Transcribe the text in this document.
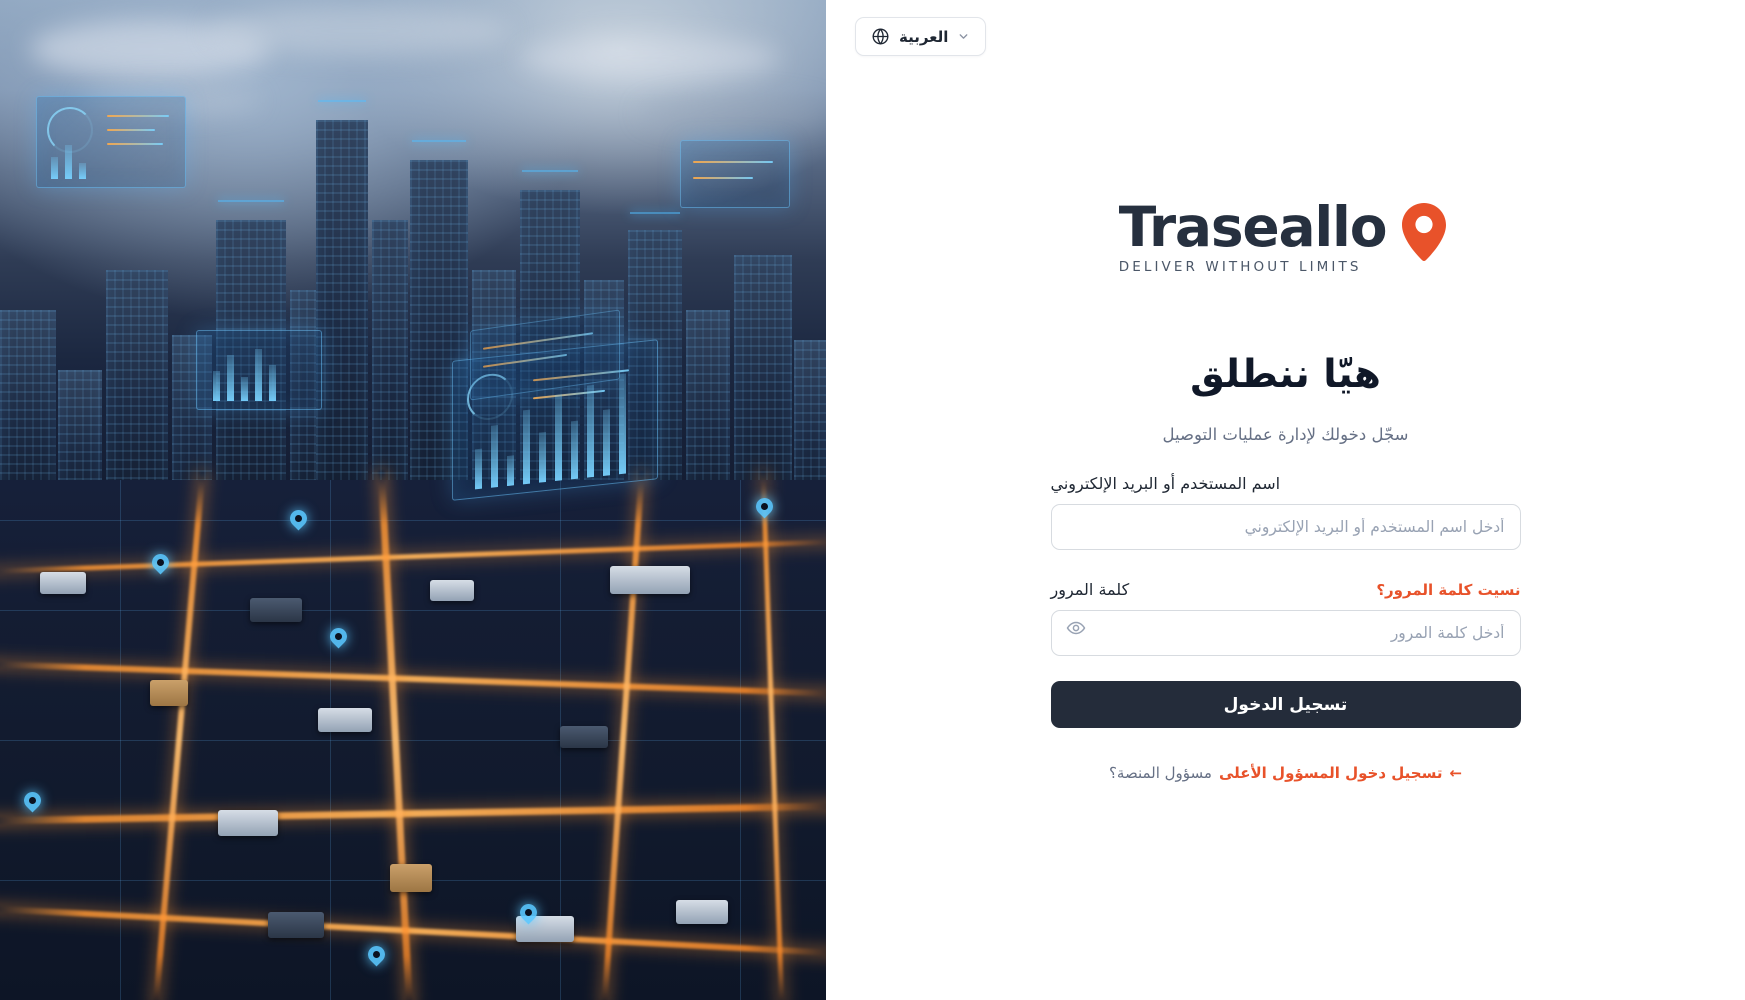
العربية
Traseallo
DELIVER WITHOUT LIMITS
هيّا ننطلق

سجّل دخولك لإدارة عمليات التوصيل

اسم المستخدم أو البريد الإلكتروني
أدخل اسم المستخدم أو البريد الإلكتروني
كلمة المرور	نسيت كلمة المرور؟
تسجيل الدخول
مسؤول المنصة؟ تسجيل دخول المسؤول الأعلى ←
